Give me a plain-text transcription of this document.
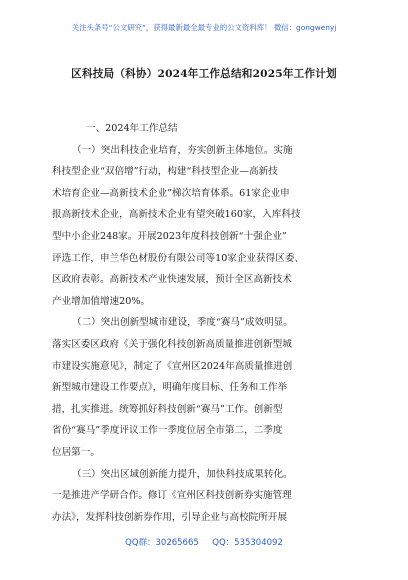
关注头条号“公文研究”，获得最新最全最专业的公文资料库！ 微信：gongwenyj
区科技局（科协）2024年工作总结和2025年工作计划
一、2024年工作总结
（一）突出科技企业培育，夯实创新主体地位。实施
科技型企业“双倍增”行动，构建“科技型企业—高新技
术培育企业—高新技术企业”梯次培育体系。61家企业申
报高新技术企业，高新技术企业有望突破160家，入库科技
型中小企业248家。开展2023年度科技创新“十强企业”
评选工作，申兰华色材股份有限公司等10家企业获得区委、
区政府表彰。高新技术产业快速发展，预计全区高新技术
产业增加值增速20%。
（二）突出创新型城市建设，季度“赛马”成效明显。
落实区委区政府《关于强化科技创新高质量推进创新型城
市建设实施意见》，制定了《宣州区2024年高质量推进创
新型城市建设工作要点》，明确年度目标、任务和工作举
措，扎实推进。统筹抓好科技创新“赛马”工作。创新型
省份“赛马”季度评议工作一季度位居全市第二，二季度
位居第一。
（三）突出区域创新能力提升，加快科技成果转化。
一是推进产学研合作。修订《宣州区科技创新券实施管理
办法》，发挥科技创新券作用，引导企业与高校院所开展
QQ群：30265665     QQ：535304092
